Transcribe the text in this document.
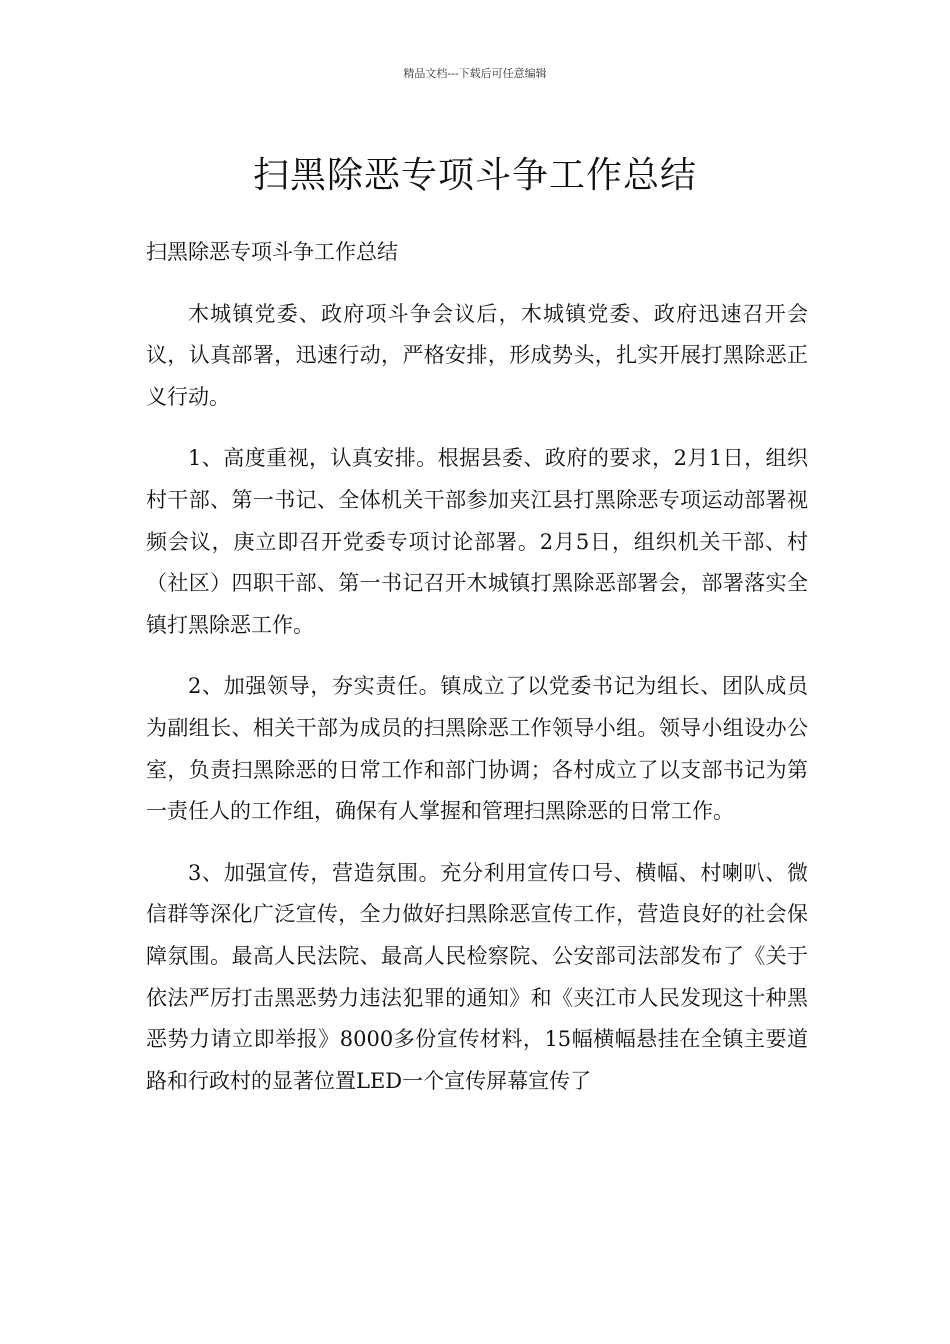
精品文档---下载后可任意编辑
扫黑除恶专项斗争工作总结

扫黑除恶专项斗争工作总结

木城镇党委、政府项斗争会议后，木城镇党委、政府迅速召开会议，认真部署，迅速行动，严格安排，形成势头，扎实开展打黑除恶正义行动。

1、高度重视，认真安排。根据县委、政府的要求，2月1日，组织村干部、第一书记、全体机关干部参加夹江县打黑除恶专项运动部署视频会议，庚立即召开党委专项讨论部署。2月5日，组织机关干部、村（社区）四职干部、第一书记召开木城镇打黑除恶部署会，部署落实全镇打黑除恶工作。

2、加强领导，夯实责任。镇成立了以党委书记为组长、团队成员为副组长、相关干部为成员的扫黑除恶工作领导小组。领导小组设办公室，负责扫黑除恶的日常工作和部门协调；各村成立了以支部书记为第一责任人的工作组，确保有人掌握和管理扫黑除恶的日常工作。

3、加强宣传，营造氛围。充分利用宣传口号、横幅、村喇叭、微信群等深化广泛宣传，全力做好扫黑除恶宣传工作，营造良好的社会保障氛围。最高人民法院、最高人民检察院、公安部司法部发布了《关于依法严厉打击黑恶势力违法犯罪的通知》和《夹江市人民发现这十种黑恶势力请立即举报》8000多份宣传材料，15幅横幅悬挂在全镇主要道路和行政村的显著位置LED一个宣传屏幕宣传了
